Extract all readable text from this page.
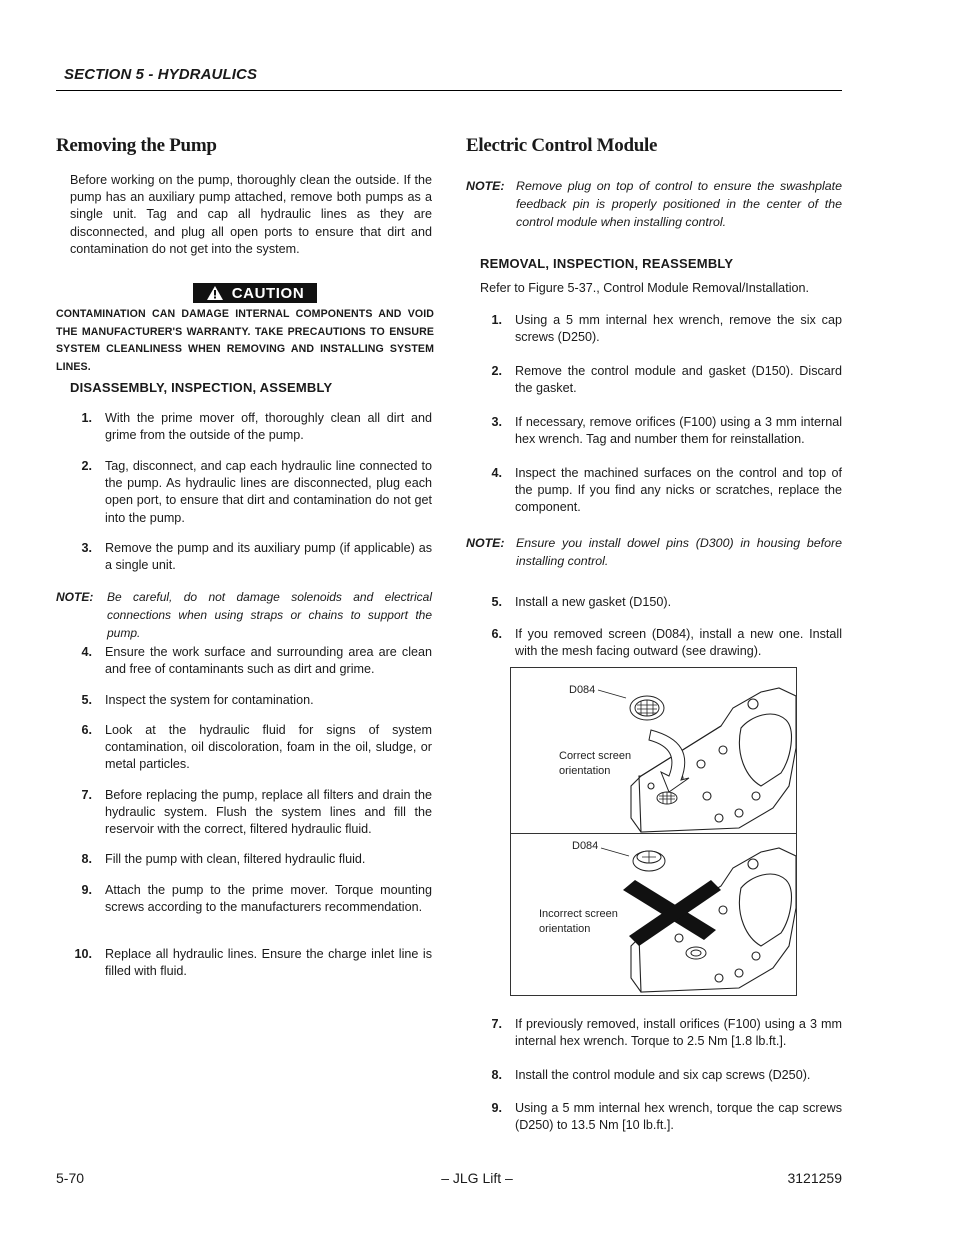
SECTION 5 - HYDRAULICS
Removing the Pump
Before working on the pump, thoroughly clean the outside. If the pump has an auxiliary pump attached, remove both pumps as a single unit. Tag and cap all hydraulic lines as they are disconnected, and plug all open ports to ensure that dirt and contamination do not get into the system.
CAUTION
CONTAMINATION CAN DAMAGE INTERNAL COMPONENTS AND VOID THE MANUFACTURER'S WARRANTY. TAKE PRECAUTIONS TO ENSURE SYSTEM CLEANLINESS WHEN REMOVING AND INSTALLING SYSTEM LINES.
DISASSEMBLY, INSPECTION, ASSEMBLY
1. With the prime mover off, thoroughly clean all dirt and grime from the outside of the pump.
2. Tag, disconnect, and cap each hydraulic line connected to the pump. As hydraulic lines are disconnected, plug each open port, to ensure that dirt and contamination do not get into the pump.
3. Remove the pump and its auxiliary pump (if applicable) as a single unit.
NOTE: Be careful, do not damage solenoids and electrical connections when using straps or chains to support the pump.
4. Ensure the work surface and surrounding area are clean and free of contaminants such as dirt and grime.
5. Inspect the system for contamination.
6. Look at the hydraulic fluid for signs of system contamination, oil discoloration, foam in the oil, sludge, or metal particles.
7. Before replacing the pump, replace all filters and drain the hydraulic system. Flush the system lines and fill the reservoir with the correct, filtered hydraulic fluid.
8. Fill the pump with clean, filtered hydraulic fluid.
9. Attach the pump to the prime mover. Torque mounting screws according to the manufacturers recommendation.
10. Replace all hydraulic lines. Ensure the charge inlet line is filled with fluid.
Electric Control Module
NOTE: Remove plug on top of control to ensure the swashplate feedback pin is properly positioned in the center of the control module when installing control.
REMOVAL, INSPECTION, REASSEMBLY
Refer to Figure 5-37., Control Module Removal/Installation.
1. Using a 5 mm internal hex wrench, remove the six cap screws (D250).
2. Remove the control module and gasket (D150). Discard the gasket.
3. If necessary, remove orifices (F100) using a 3 mm internal hex wrench. Tag and number them for reinstallation.
4. Inspect the machined surfaces on the control and top of the pump. If you find any nicks or scratches, replace the component.
NOTE: Ensure you install dowel pins (D300) in housing before installing control.
5. Install a new gasket (D150).
6. If you removed screen (D084), install a new one. Install with the mesh facing outward (see drawing).
D084
Correct screen
orientation
D084
Incorrect screen
orientation
7. If previously removed, install orifices (F100) using a 3 mm internal hex wrench. Torque to 2.5 Nm [1.8 lb.ft.].
8. Install the control module and six cap screws (D250).
9. Using a 5 mm internal hex wrench, torque the cap screws (D250) to 13.5 Nm [10 lb.ft.].
5-70	– JLG Lift –	3121259
